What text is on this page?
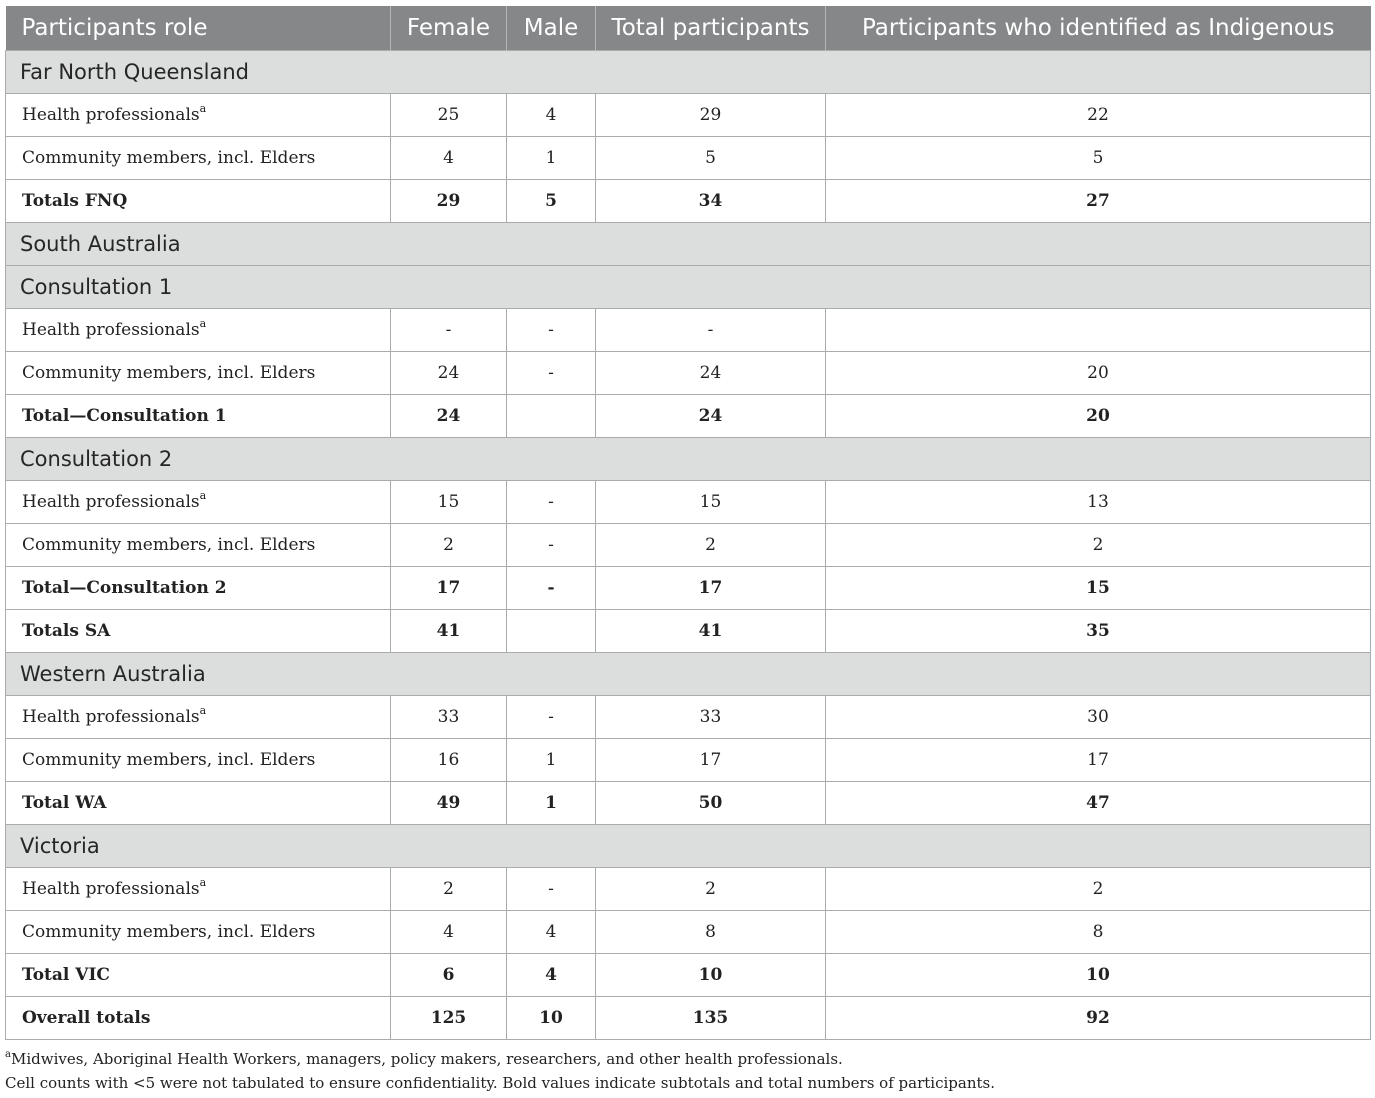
Participants role	Female	Male	Total participants	Participants who identified as Indigenous
Far North Queensland				
Health professionals$^a$	25	4	29	22
Community members, incl. Elders	4	1	5	5
Totals FNQ	29	5	34	27
South Australia				
Consultation 1				
Health professionals$^a$	-	-	-	
Community members, incl. Elders	24	-	24	20
Total—Consultation 1	24		24	20
Consultation 2				
Health professionals$^a$	15	-	15	13
Community members, incl. Elders	2	-	2	2
Total—Consultation 2	17	-	17	15
Totals SA	41		41	35
Western Australia				
Health professionals$^a$	33	-	33	30
Community members, incl. Elders	16	1	17	17
Total WA	49	1	50	47
Victoria				
Health professionals$^a$	2	-	2	2
Community members, incl. Elders	4	4	8	8
Total VIC	6	4	10	10
Overall totals	125	10	135	92
$^a$Midwives, Aboriginal Health Workers, managers, policy makers, researchers, and other health professionals.
Cell counts with <5 were not tabulated to ensure confidentiality. Bold values indicate subtotals and total numbers of participants.
